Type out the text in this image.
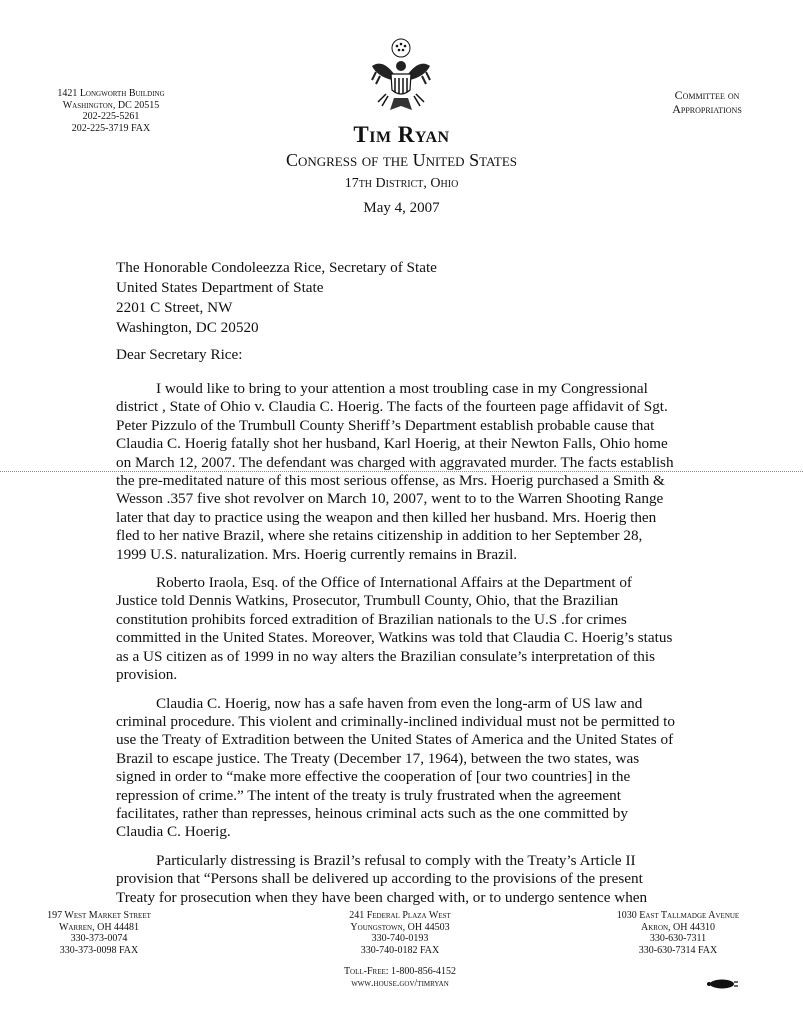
1421 Longworth Building
Washington, DC 20515
202-225-5261
202-225-3719 FAX
Committee on
Appropriations
Tim Ryan
Congress of the United States
17th District, Ohio
May 4, 2007
The Honorable Condoleezza Rice, Secretary of State
United States Department of State
2201 C Street, NW
Washington, DC 20520
Dear Secretary Rice:

I would like to bring to your attention a most troubling case in my Congressional district , State of Ohio v. Claudia C. Hoerig. The facts of the fourteen page affidavit of Sgt. Peter Pizzulo of the Trumbull County Sheriff’s Department establish probable cause that Claudia C. Hoerig fatally shot her husband, Karl Hoerig, at their Newton Falls, Ohio home on March 12, 2007. The defendant was charged with aggravated murder. The facts establish the pre-meditated nature of this most serious offense, as Mrs. Hoerig purchased a Smith & Wesson .357 five shot revolver on March 10, 2007, went to to the Warren Shooting Range later that day to practice using the weapon and then killed her husband. Mrs. Hoerig then fled to her native Brazil, where she retains citizenship in addition to her September 28, 1999 U.S. naturalization. Mrs. Hoerig currently remains in Brazil.

Roberto Iraola, Esq. of the Office of International Affairs at the Department of Justice told Dennis Watkins, Prosecutor, Trumbull County, Ohio, that the Brazilian constitution prohibits forced extradition of Brazilian nationals to the U.S .for crimes committed in the United States. Moreover, Watkins was told that Claudia C. Hoerig’s status as a US citizen as of 1999 in no way alters the Brazilian consulate’s interpretation of this provision.

Claudia C. Hoerig, now has a safe haven from even the long-arm of US law and criminal procedure. This violent and criminally-inclined individual must not be permitted to use the Treaty of Extradition between the United States of America and the United States of Brazil to escape justice. The Treaty (December 17, 1964), between the two states, was signed in order to “make more effective the cooperation of [our two countries] in the repression of crime.” The intent of the treaty is truly frustrated when the agreement facilitates, rather than represses, heinous criminal acts such as the one committed by Claudia C. Hoerig.

Particularly distressing is Brazil’s refusal to comply with the Treaty’s Article II provision that “Persons shall be delivered up according to the provisions of the present Treaty for prosecution when they have been charged with, or to undergo sentence when

197 West Market Street
Warren, OH 44481
330-373-0074
330-373-0098 FAX
241 Federal Plaza West
Youngstown, OH 44503
330-740-0193
330-740-0182 FAX
1030 East Tallmadge Avenue
Akron, OH 44310
330-630-7311
330-630-7314 FAX
Toll-Free: 1-800-856-4152
www.house.gov/timryan
